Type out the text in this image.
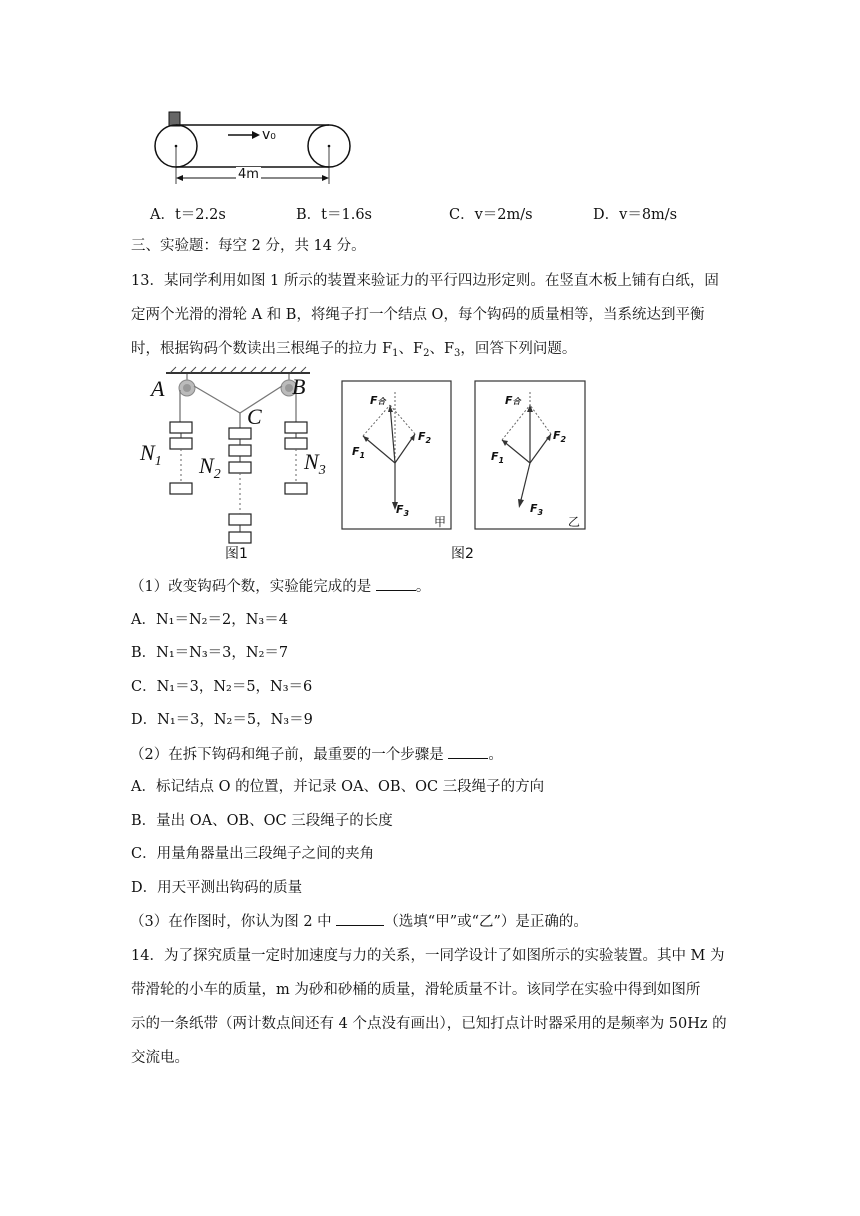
v₀
4m
A．t＝2.2s	B．t＝1.6s	C．v＝2m/s	D．v＝8m/s
三、实验题：每空 2 分，共 14 分。
13．某同学利用如图 1 所示的装置来验证力的平行四边形定则。在竖直木板上铺有白纸，固
定两个光滑的滑轮 A 和 B，将绳子打一个结点 O，每个钩码的质量相等，当系统达到平衡
时，根据钩码个数读出三根绳子的拉力 $F_1$、$F_2$、$F_3$，回答下列问题。
A	B
C
$N_1$ $N_2$
$N_3$
图1
F合
$F_1$
$F_2$
$F_3$
甲
F合
$F_1$
$F_2$
$F_3$
乙
图2
（1）改变钩码个数，实验能完成的是	。
A．N₁＝N₂＝2，N₃＝4
B．N₁＝N₃＝3，N₂＝7
C．N₁＝3，N₂＝5，N₃＝6
D．N₁＝3，N₂＝5，N₃＝9
（2）在拆下钩码和绳子前，最重要的一个步骤是	。
A．标记结点 O 的位置，并记录 OA、OB、OC 三段绳子的方向
B．量出 OA、OB、OC 三段绳子的长度
C．用量角器量出三段绳子之间的夹角
D．用天平测出钩码的质量
（3）在作图时，你认为图 2 中	（选填“甲”或“乙”）是正确的。
14．为了探究质量一定时加速度与力的关系，一同学设计了如图所示的实验装置。其中 M 为
带滑轮的小车的质量，m 为砂和砂桶的质量，滑轮质量不计。该同学在实验中得到如图所
示的一条纸带（两计数点间还有 4 个点没有画出），已知打点计时器采用的是频率为 50Hz 的
交流电。
